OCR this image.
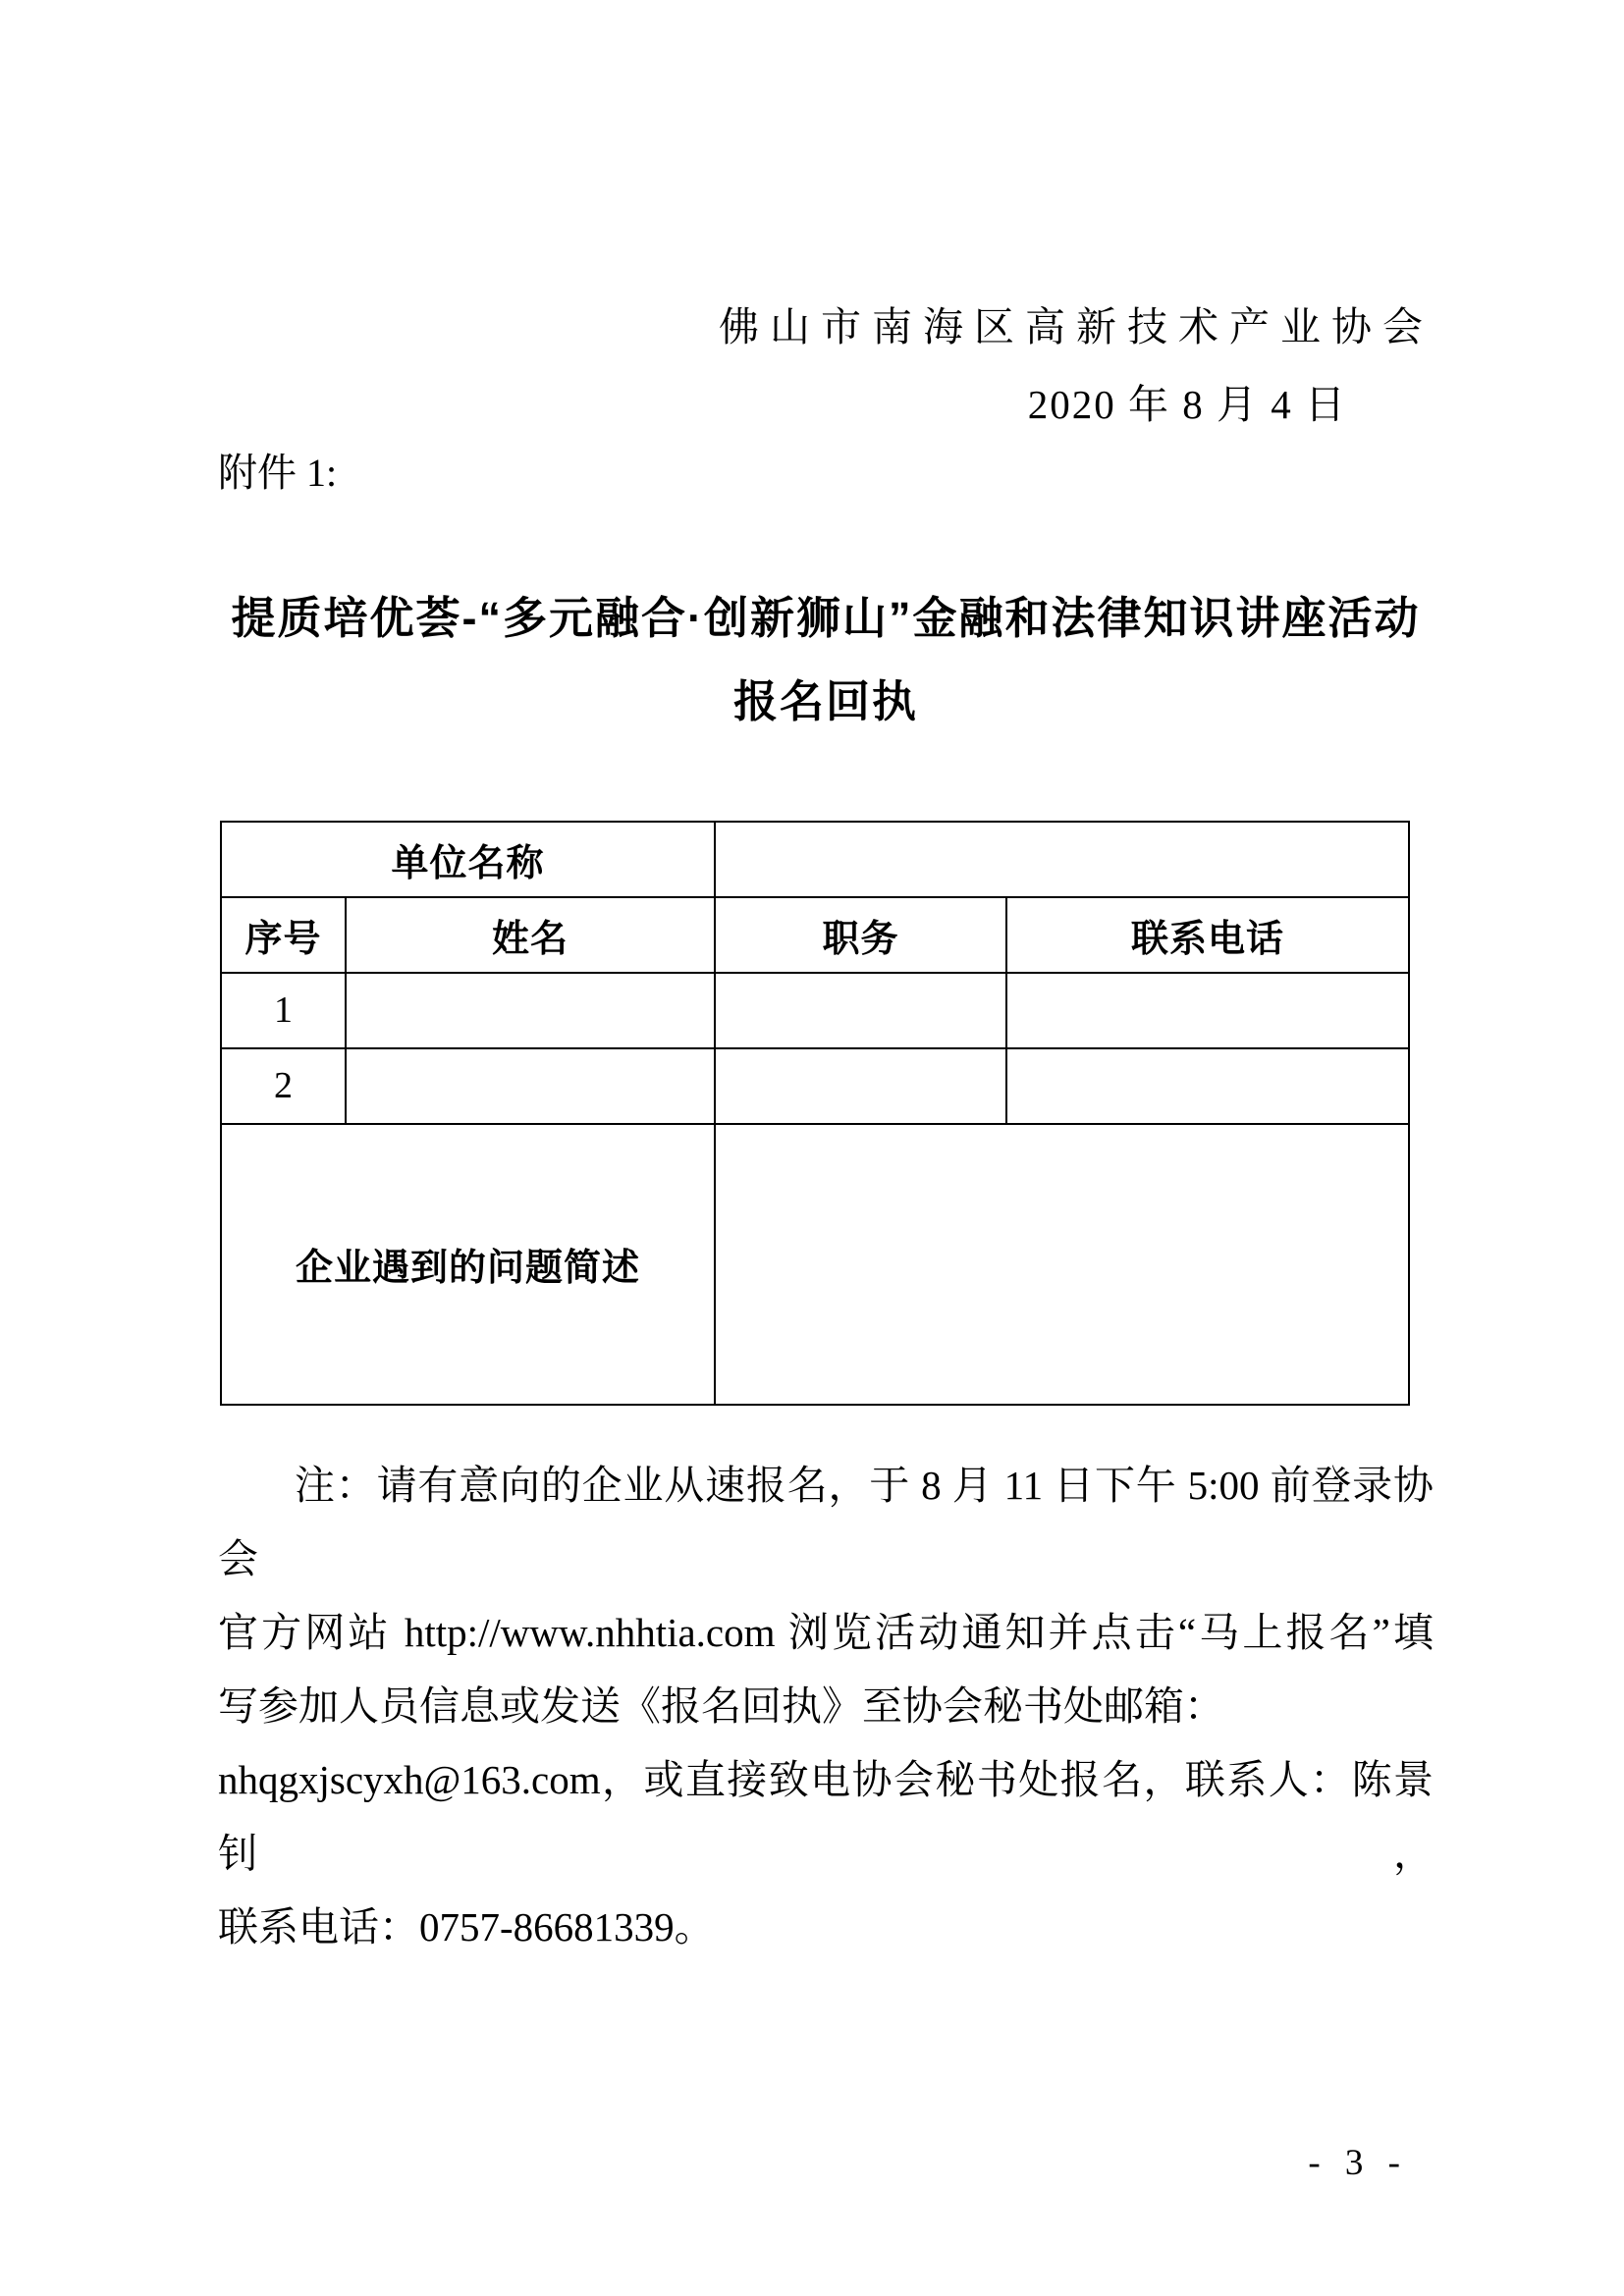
佛山市南海区高新技术产业协会
2020 年 8 月 4 日
附件 1:
提质培优荟-“多元融合·创新狮山”金融和法律知识讲座活动
报名回执
单位名称			
序号	姓名	职务	联系电话
1			
2			
企业遇到的问题简述			
注：请有意向的企业从速报名，于 8 月 11 日下午 5:00 前登录协会
官方网站 http://www.nhhtia.com 浏览活动通知并点击“马上报名”填
写参加人员信息或发送《报名回执》至协会秘书处邮箱：
nhqgxjscyxh@163.com，或直接致电协会秘书处报名，联系人：陈景钊，
联系电话：0757-86681339。
- 3 -
